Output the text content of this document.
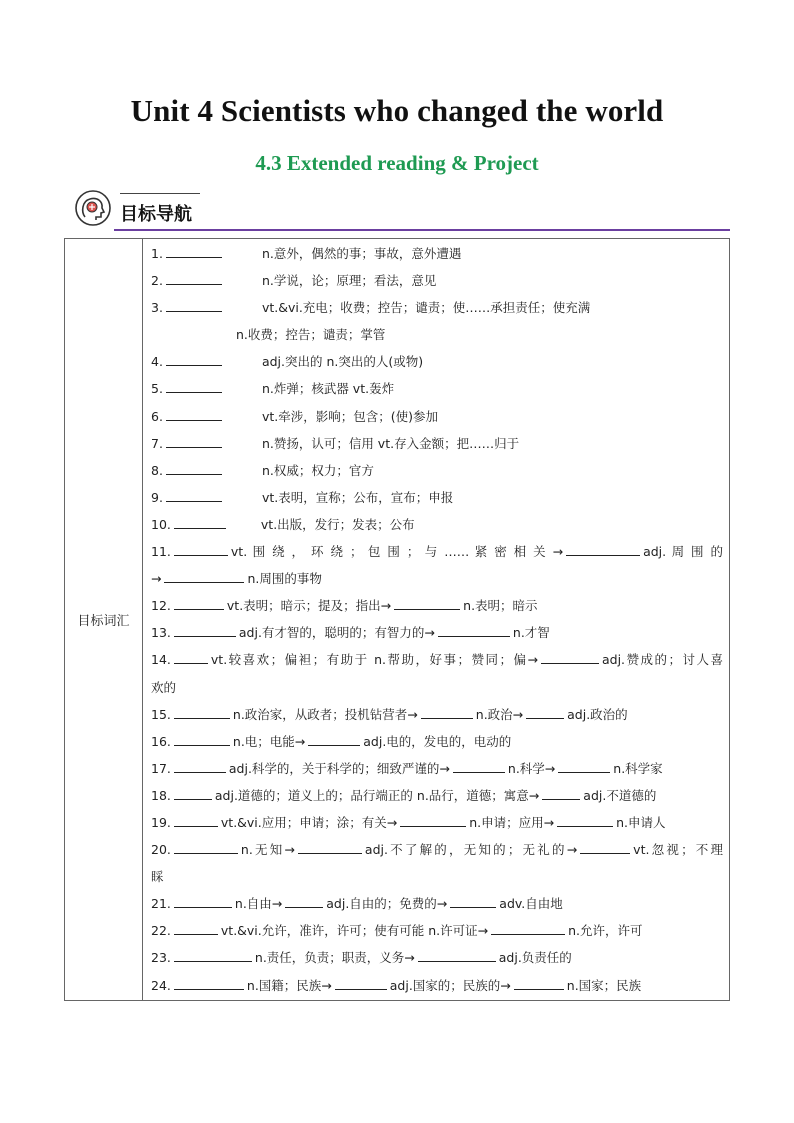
Unit 4 Scientists who changed the world
4.3 Extended reading & Project
目标导航
目标词汇	
1.	n.意外，偶然的事；事故，意外遭遇
2.	n.学说，论；原理；看法，意见
3.	vt.&vi.充电；收费；控告；谴责；使……承担责任；使充满
n.收费；控告；谴责；掌管
4.	adj.突出的 n.突出的人(或物)
5.	n.炸弹；核武器 vt.轰炸
6.	vt.牵涉，影响；包含；(使)参加
7.	n.赞扬，认可；信用 vt.存入金额；把……归于
8.	n.权威；权力；官方
9.	vt.表明，宣称；公布，宣布；申报
10.	vt.出版，发行；发表；公布
11.	vt. 围 绕 ， 环 绕 ； 包 围 ； 与 …… 紧 密 相 关 →	adj. 周 围 的
→	n.周围的事物
12.	vt.表明；暗示；提及；指出→	n.表明；暗示
13.	adj.有才智的，聪明的；有智力的→	n.才智
14.	vt.较喜欢；偏袒；有助于 n.帮助，好事；赞同；偏→	adj.赞成的；讨人喜
欢的
15.	n.政治家，从政者；投机钻营者→	n.政治→	adj.政治的
16.	n.电；电能→	adj.电的，发电的，电动的
17.	adj.科学的，关于科学的；细致严谨的→	n.科学→	n.科学家
18.	adj.道德的；道义上的；品行端正的 n.品行，道德；寓意→	adj.不道德的
19.	vt.&vi.应用；申请；涂；有关→	n.申请；应用→	n.申请人
20.	n.无知→	adj.不了解的，无知的；无礼的→	vt.忽视；不理
睬
21.	n.自由→	adj.自由的；免费的→	adv.自由地
22.	vt.&vi.允许，准许，许可；使有可能 n.许可证→	n.允许，许可
23.	n.责任，负责；职责，义务→	adj.负责任的
24.	n.国籍；民族→	adj.国家的；民族的→	n.国家；民族
